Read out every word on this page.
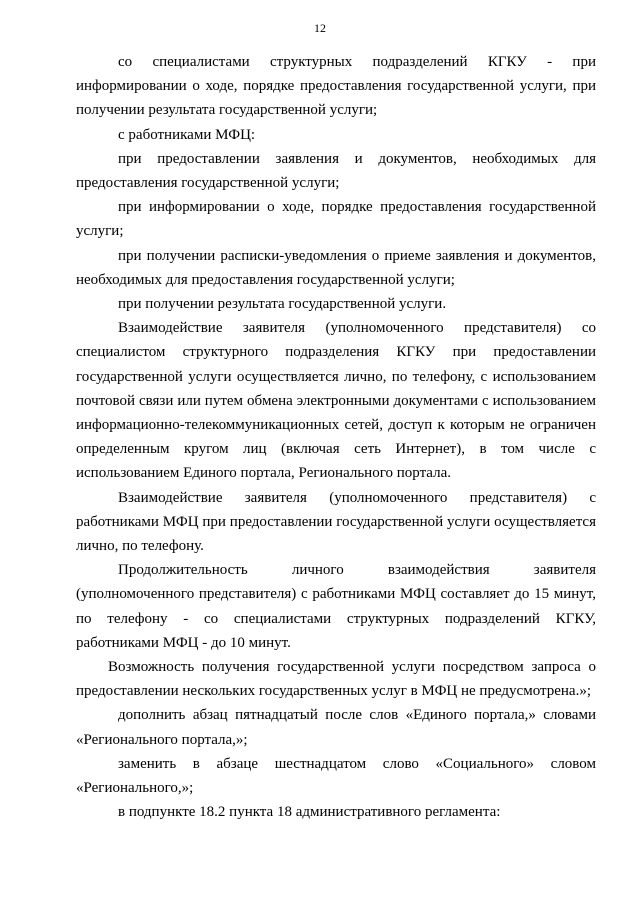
12

со специалистами структурных подразделений КГКУ - при информировании о ходе, порядке предоставления государственной услуги, при получении результата государственной услуги;

с работниками МФЦ:

при предоставлении заявления и документов, необходимых для предоставления государственной услуги;

при информировании о ходе, порядке предоставления государственной услуги;

при получении расписки-уведомления о приеме заявления и документов, необходимых для предоставления государственной услуги;

при получении результата государственной услуги.

Взаимодействие заявителя (уполномоченного представителя) со специалистом структурного подразделения КГКУ при предоставлении государственной услуги осуществляется лично, по телефону, с использованием почтовой связи или путем обмена электронными документами с использованием информационно-телекоммуникационных сетей, доступ к которым не ограничен определенным кругом лиц (включая сеть Интернет), в том числе с использованием Единого портала, Регионального портала.

Взаимодействие заявителя (уполномоченного представителя) с работниками МФЦ при предоставлении государственной услуги осуществляется лично, по телефону.

Продолжительность личного взаимодействия заявителя (уполномоченного представителя) с работниками МФЦ составляет до 15 минут, по телефону - со специалистами структурных подразделений КГКУ, работниками МФЦ - до 10 минут.

Возможность получения государственной услуги посредством запроса о предоставлении нескольких государственных услуг в МФЦ не предусмотрена.»;

дополнить абзац пятнадцатый после слов «Единого портала,» словами «Регионального портала,»;

заменить в абзаце шестнадцатом слово «Социального» словом «Регионального,»;

в подпункте 18.2 пункта 18 административного регламента:
